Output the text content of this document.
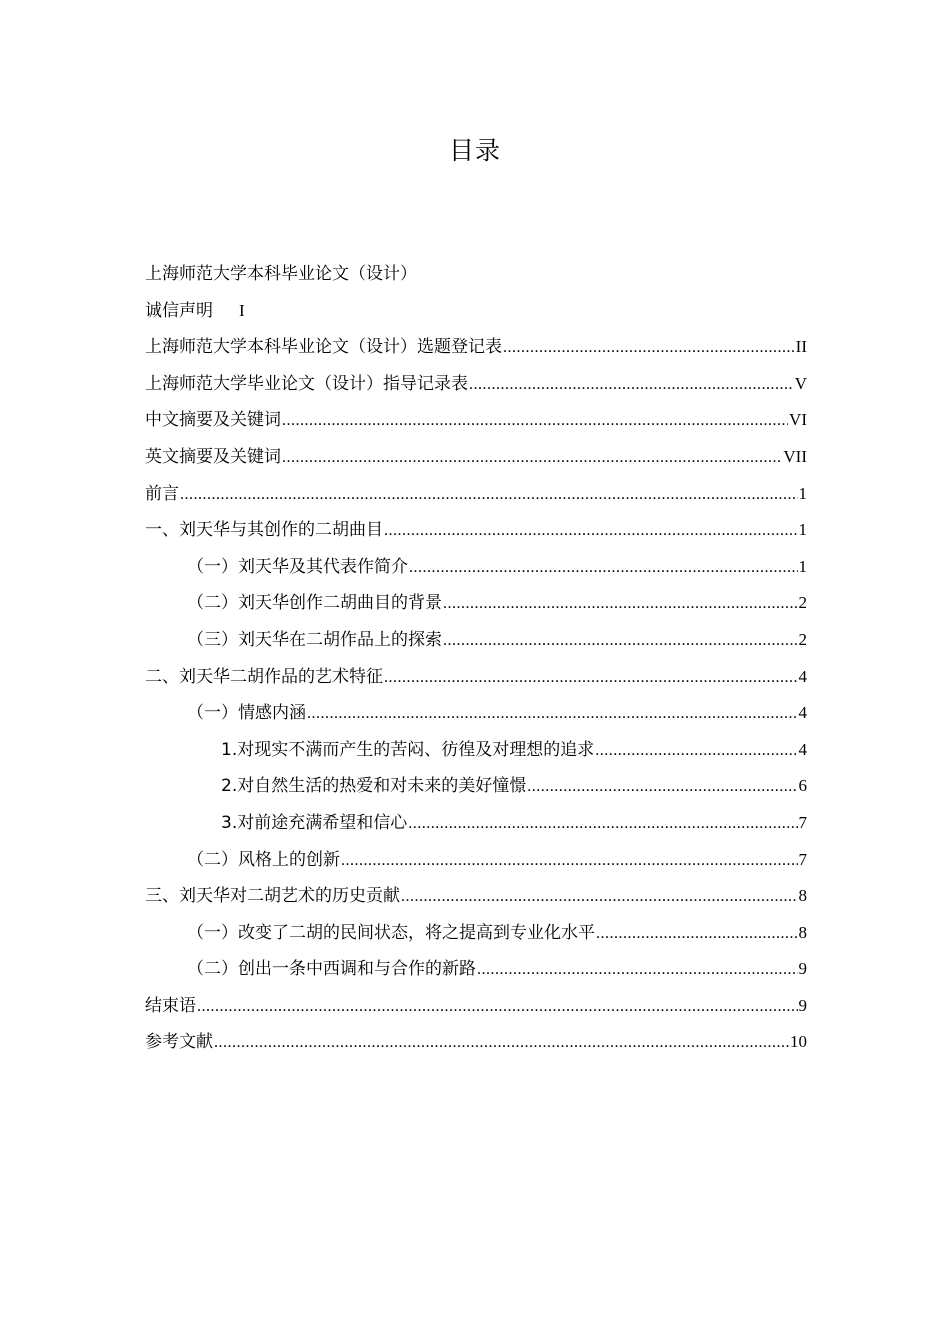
目录
上海师范大学本科毕业论文（设计）
诚信声明 I
上海师范大学本科毕业论文（设计）选题登记表 .....	II
上海师范大学毕业论文（设计）指导记录表 .....	V
中文摘要及关键词 .....	VI
英文摘要及关键词 .....	VII
前言 .....	1
一、刘天华与其创作的二胡曲目 .....	1
（一）刘天华及其代表作简介 .....	1
（二）刘天华创作二胡曲目的背景 .....	2
（三）刘天华在二胡作品上的探索 .....	2
二、刘天华二胡作品的艺术特征 .....	4
（一）情感内涵 .....	4
1.对现实不满而产生的苦闷、彷徨及对理想的追求 .....	4
2.对自然生活的热爱和对未来的美好憧憬 .....	6
3.对前途充满希望和信心 .....	7
（二）风格上的创新 .....	7
三、刘天华对二胡艺术的历史贡献 .....	8
（一）改变了二胡的民间状态，将之提高到专业化水平 .....	8
（二）创出一条中西调和与合作的新路 .....	9
结束语 .....	9
参考文献 .....	10
